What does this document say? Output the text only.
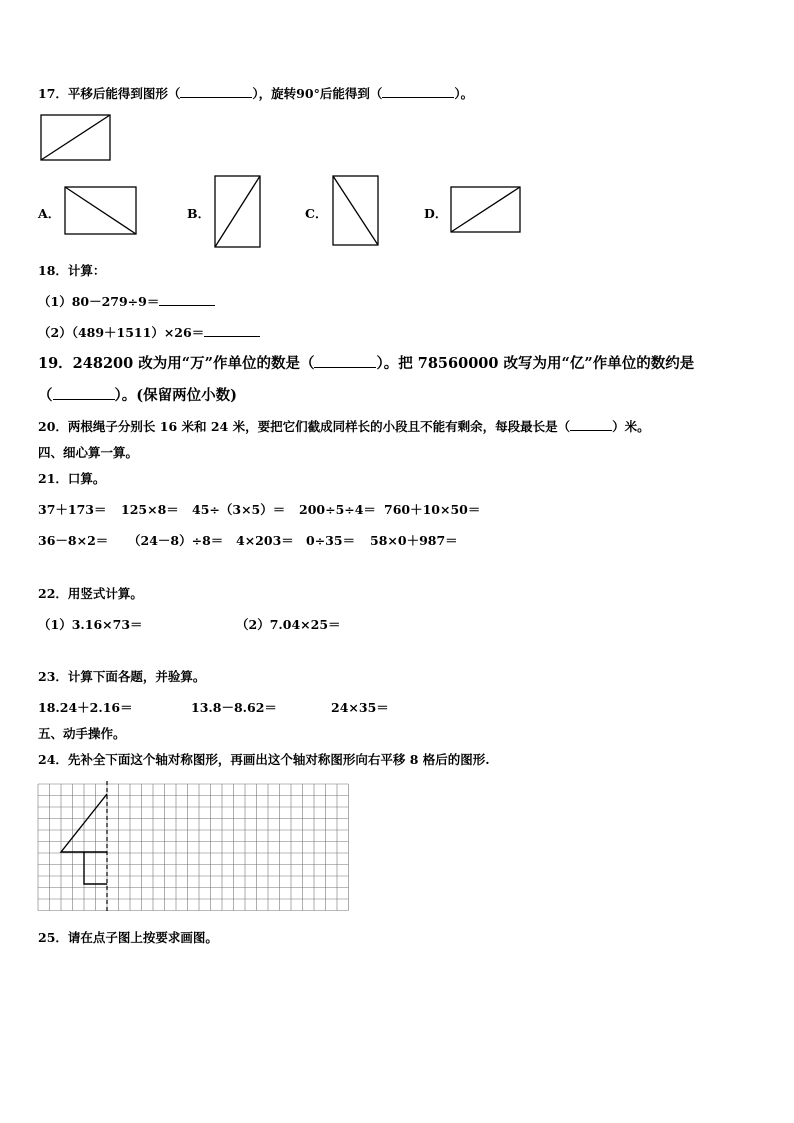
17．平移后能得到图形（	），旋转90°后能得到（	）。
A．	B．	C．	D．
18．计算：
（1）80－279÷9＝
（2）（489＋1511）×26＝
19．248200 改为用“万”作单位的数是（	）。把 78560000 改写为用“亿”作单位的数约是
（	）。(保留两位小数)
20．两根绳子分别长 16 米和 24 米，要把它们截成同样长的小段且不能有剩余，每段最长是（	）米。
四、细心算一算。
21．口算。
37＋173＝ 125×8＝ 45÷（3×5）＝ 200÷5÷4＝ 760＋10×50＝
36－8×2＝ （24－8）÷8＝ 4×203＝ 0÷35＝ 58×0＋987＝
22．用竖式计算。
（1）3.16×73＝	（2）7.04×25＝
23．计算下面各题，并验算。
18.24＋2.16＝	13.8－8.62＝	24×35＝
五、动手操作。
24．先补全下面这个轴对称图形，再画出这个轴对称图形向右平移 8 格后的图形.
25．请在点子图上按要求画图。
